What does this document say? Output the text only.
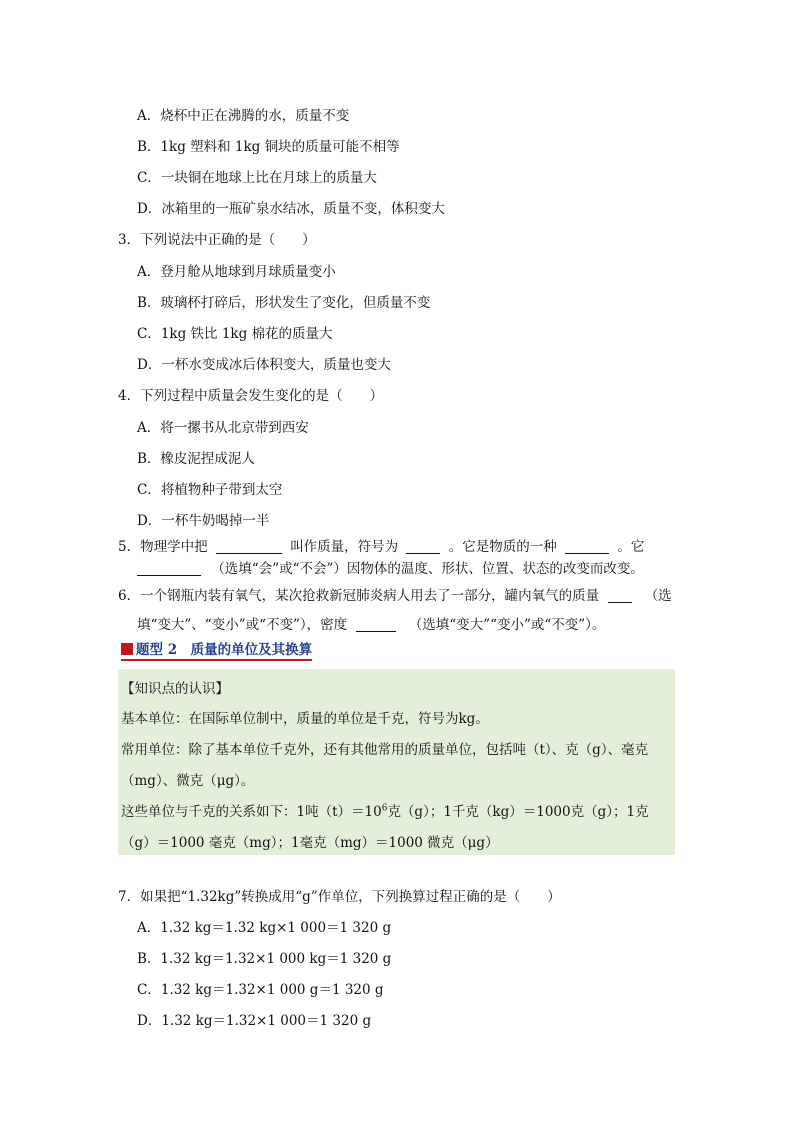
A．烧杯中正在沸腾的水，质量不变
B．1kg 塑料和 1kg 铜块的质量可能不相等
C．一块铜在地球上比在月球上的质量大
D．冰箱里的一瓶矿泉水结冰，质量不变，体积变大
3．下列说法中正确的是（　　）
A．登月舱从地球到月球质量变小
B．玻璃杯打碎后，形状发生了变化，但质量不变
C．1kg 铁比 1kg 棉花的质量大
D．一杯水变成冰后体积变大，质量也变大
4．下列过程中质量会发生变化的是（　　）
A．将一摞书从北京带到西安
B．橡皮泥捏成泥人
C．将植物种子带到太空
D．一杯牛奶喝掉一半
5．物理学中把	叫作质量，符号为	。它是物质的一种	。它
（选填“会”或“不会”）因物体的温度、形状、位置、状态的改变而改变。
6．一个钢瓶内装有氧气，某次抢救新冠肺炎病人用去了一部分，罐内氧气的质量	（选
填“变大”、“变小”或“不变”），密度	（选填“变大”“变小”或“不变”）。
题型 2　质量的单位及其换算
【知识点的认识】
基本单位：在国际单位制中，质量的单位是千克，符号为kg。
常用单位：除了基本单位千克外，还有其他常用的质量单位，包括吨（t）、克（g）、毫克
（mg）、微克（μg）。
这些单位与千克的关系如下：1吨$(t)=10^6$克（g）；1千克（kg）＝1000克（g）；1克
（g）＝1000 毫克（mg）；1毫克（mg）＝1000 微克（μg）
7．如果把“1.32kg”转换成用“g”作单位，下列换算过程正确的是（　　）
A．1.32 kg＝1.32 kg×1 000＝1 320 g
B．1.32 kg＝1.32×1 000 kg＝1 320 g
C．1.32 kg＝1.32×1 000 g＝1 320 g
D．1.32 kg＝1.32×1 000＝1 320 g
